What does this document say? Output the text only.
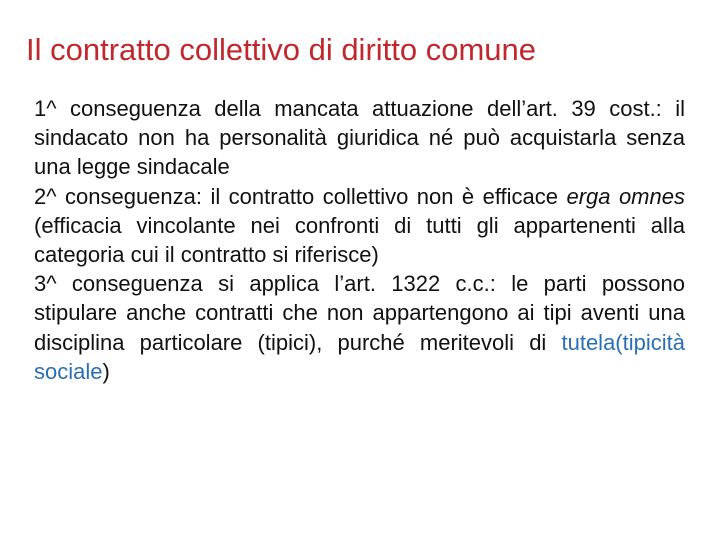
Il contratto collettivo di diritto comune

1^ conseguenza della mancata attuazione dell’art. 39 cost.: il sindacato non ha personalità giuridica né può acquistarla senza una legge sindacale

2^ conseguenza: il contratto collettivo non è efficace erga omnes (efficacia vincolante nei confronti di tutti gli appartenenti alla categoria cui il contratto si riferisce)

3^ conseguenza si applica l’art. 1322 c.c.: le parti possono stipulare anche contratti che non appartengono ai tipi aventi una disciplina particolare (tipici), purché meritevoli di tutela(tipicità sociale)
